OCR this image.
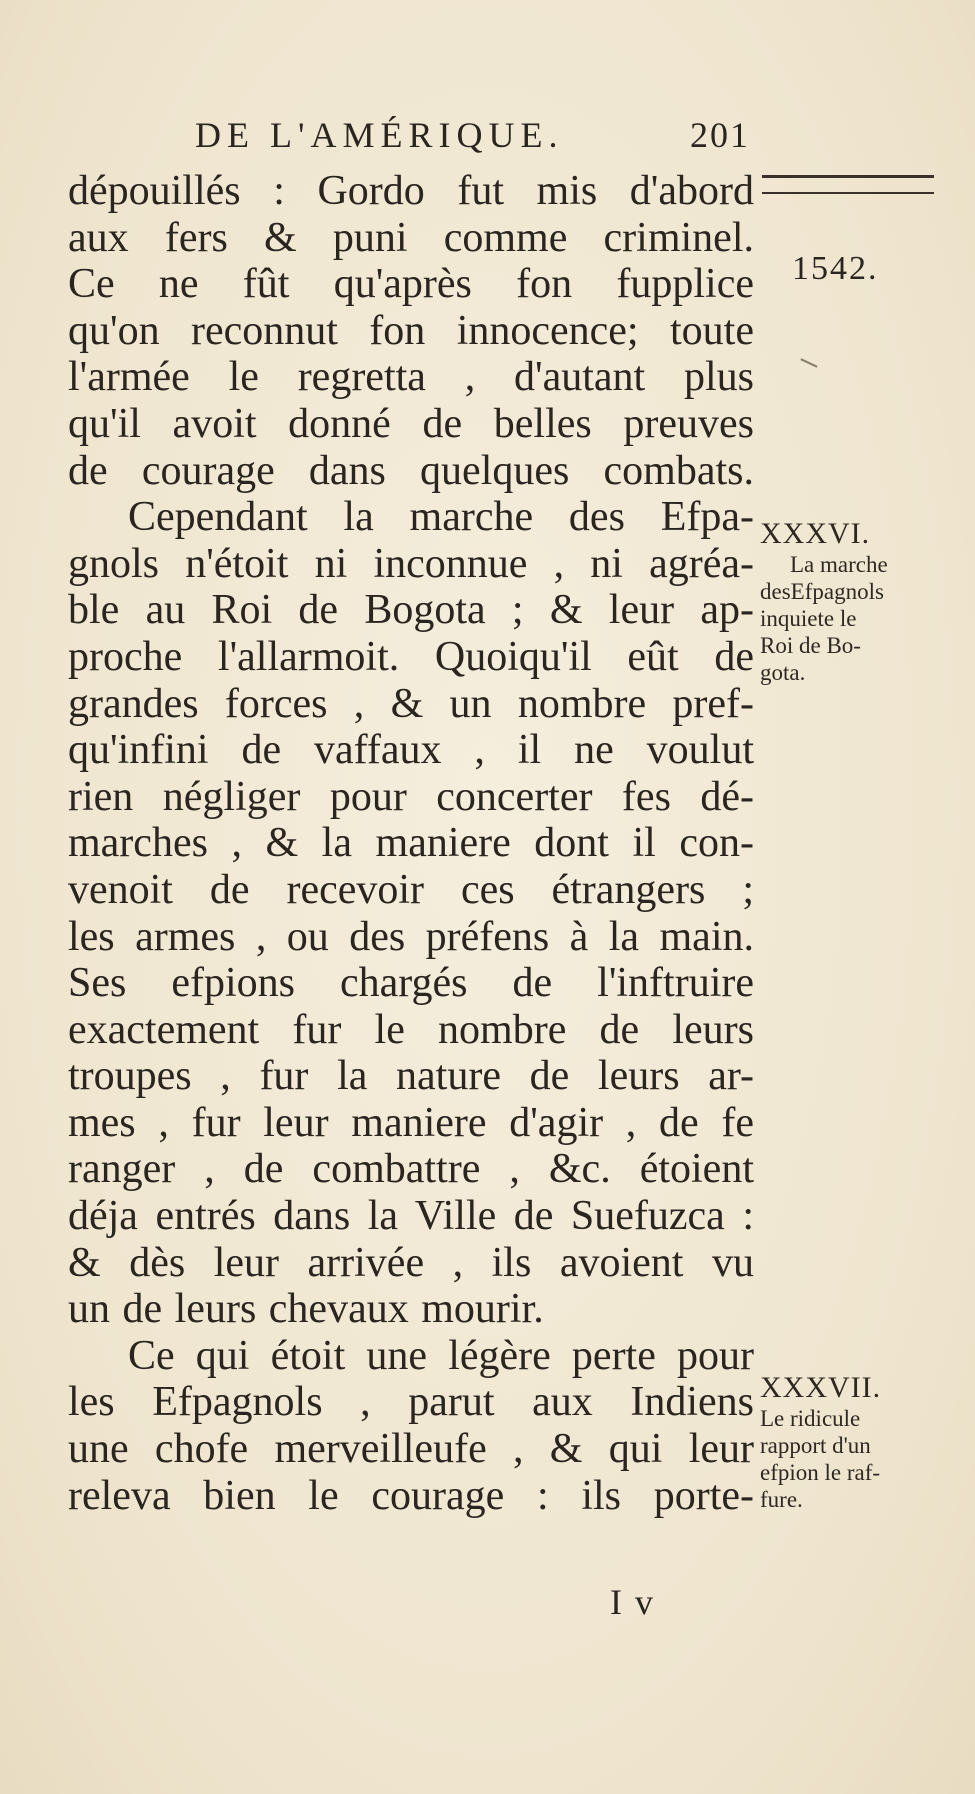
DE L'AMÉRIQUE.	201
1542.
dépouillés : Gordo fut mis d'abord
aux fers & puni comme criminel.
Ce ne fût qu'après fon fupplice
qu'on reconnut fon innocence; toute
l'armée le regretta , d'autant plus
qu'il avoit donné de belles preuves
de courage dans quelques combats.
Cependant la marche des Efpa-
gnols n'étoit ni inconnue , ni agréa-
ble au Roi de Bogota ; & leur ap-
proche l'allarmoit. Quoiqu'il eût de
grandes forces , & un nombre pref-
qu'infini de vaffaux , il ne voulut
rien négliger pour concerter fes dé-
marches , & la maniere dont il con-
venoit de recevoir ces étrangers ;
les armes , ou des préfens à la main.
Ses efpions chargés de l'inftruire
exactement fur le nombre de leurs
troupes , fur la nature de leurs ar-
mes , fur leur maniere d'agir , de fe
ranger , de combattre , &c. étoient
déja entrés dans la Ville de Suefuzca :
& dès leur arrivée , ils avoient vu
un de leurs chevaux mourir.
Ce qui étoit une légère perte pour
les Efpagnols , parut aux Indiens
une chofe merveilleufe , & qui leur
releva bien le courage : ils porte-
XXXVI.
La marche
desEfpagnols
inquiete le
Roi de Bo-
gota.
XXXVII.
Le ridicule
rapport d'un
efpion le raf-
fure.
I v
